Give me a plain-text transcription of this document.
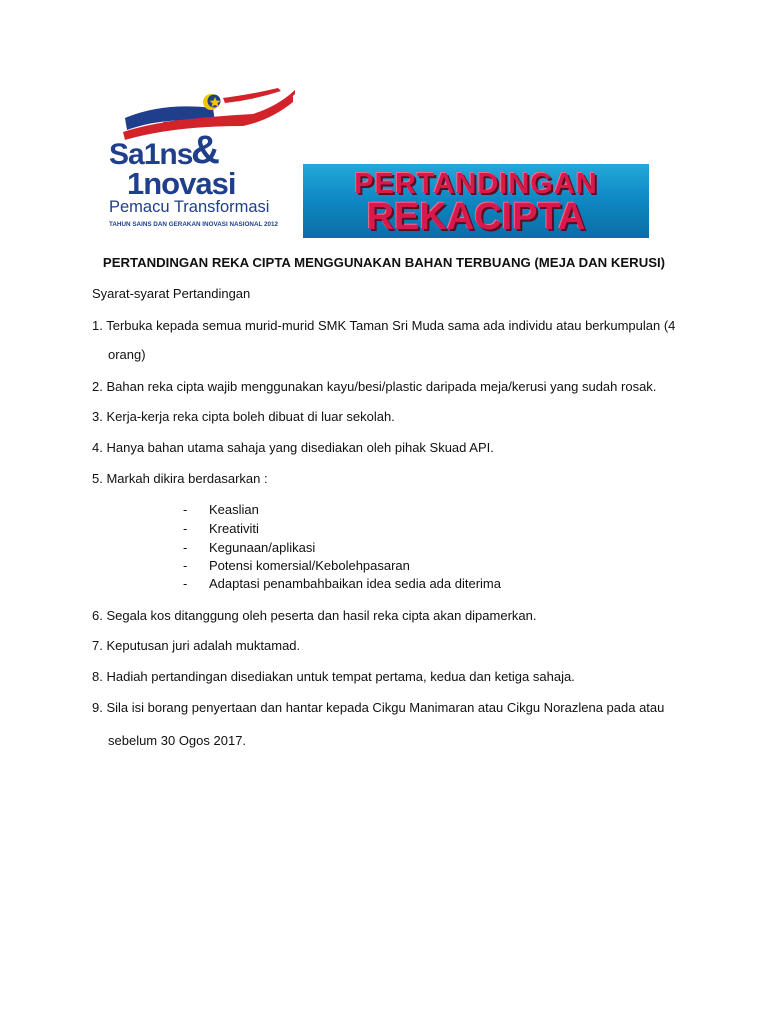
Sa1ns
&
1novasi
Pemacu Transformasi
TAHUN SAINS DAN GERAKAN INOVASI NASIONAL 2012
PERTANDINGAN
REKACIPTA
PERTANDINGAN REKA CIPTA MENGGUNAKAN BAHAN TERBUANG (MEJA DAN KERUSI)
Syarat-syarat Pertandingan
1. Terbuka kepada semua murid-murid SMK Taman Sri Muda sama ada individu atau berkumpulan (4
orang)
2. Bahan reka cipta wajib menggunakan kayu/besi/plastic daripada meja/kerusi yang sudah rosak.
3. Kerja-kerja reka cipta boleh dibuat di luar sekolah.
4. Hanya bahan utama sahaja yang disediakan oleh pihak Skuad API.
5. Markah dikira berdasarkan :
- Keaslian
- Kreativiti
- Kegunaan/aplikasi
- Potensi komersial/Kebolehpasaran
- Adaptasi penambahbaikan idea sedia ada diterima
6. Segala kos ditanggung oleh peserta dan hasil reka cipta akan dipamerkan.
7. Keputusan juri adalah muktamad.
8. Hadiah pertandingan disediakan untuk tempat pertama, kedua dan ketiga sahaja.
9. Sila isi borang penyertaan dan hantar kepada Cikgu Manimaran atau Cikgu Norazlena pada atau
sebelum 30 Ogos 2017.
